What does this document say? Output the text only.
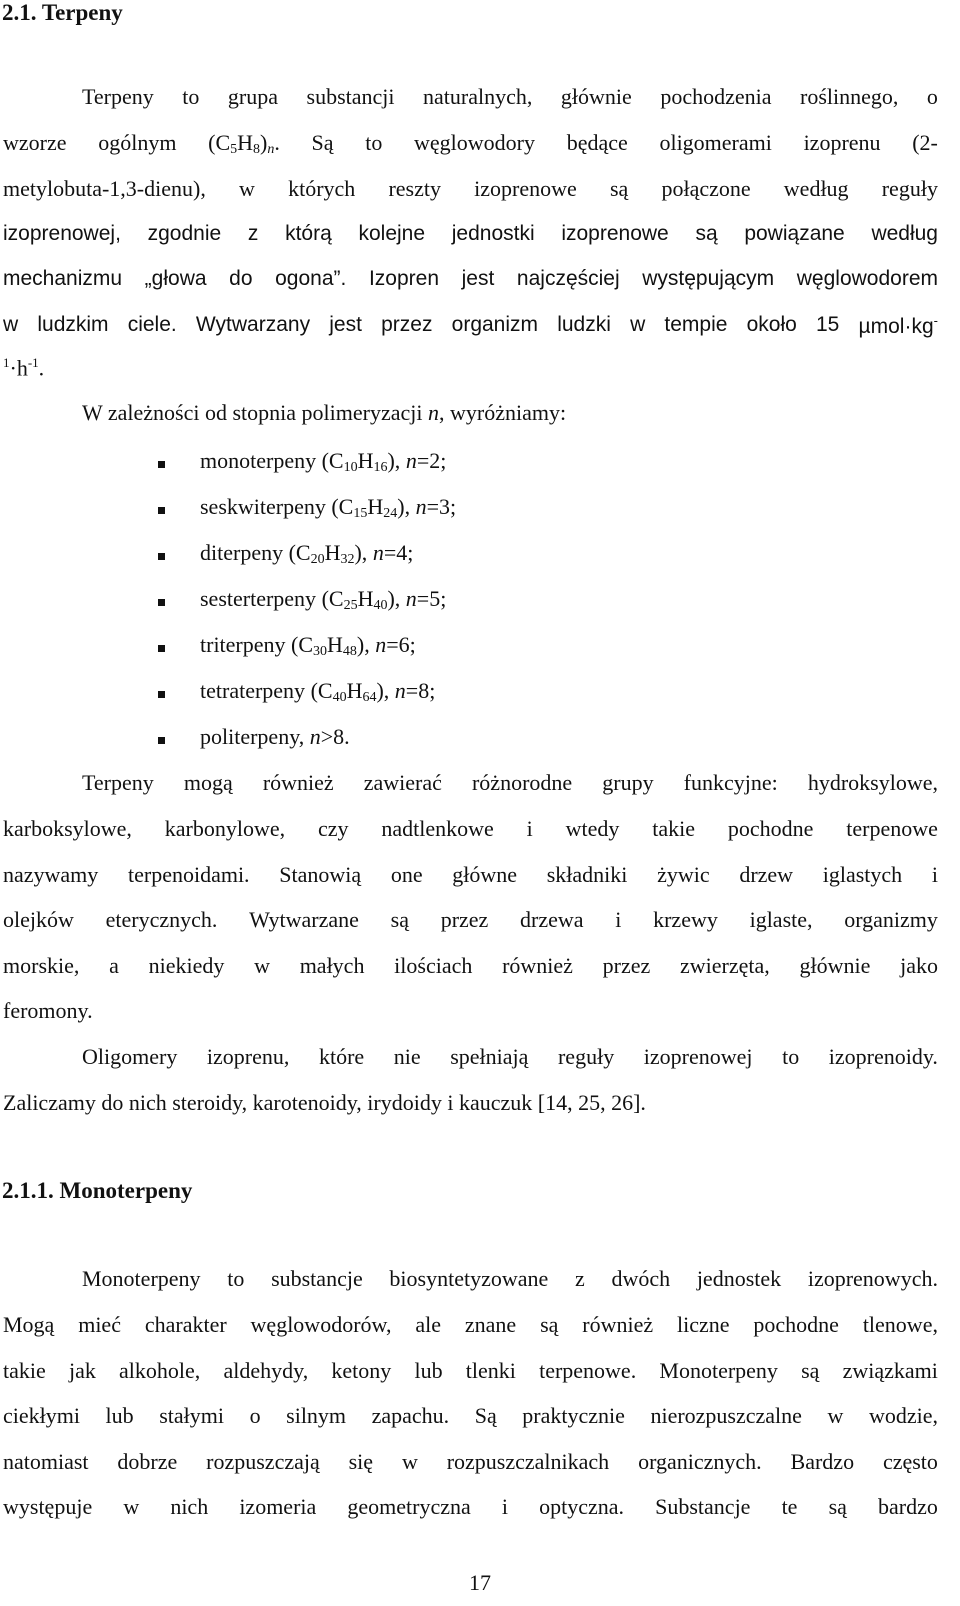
2.1. Terpeny
Terpeny to grupa substancji naturalnych, głównie pochodzenia roślinnego, o
wzorze ogólnym $(C_5H_8)_n$. Są to węglowodory będące oligomerami izoprenu (2-
metylobuta-1,3-dienu), w których reszty izoprenowe są połączone według reguły
izoprenowej, zgodnie z którą kolejne jednostki izoprenowe są powiązane według
mechanizmu „głowa do ogona”. Izopren jest najczęściej występującym węglowodorem
w ludzkim ciele. Wytwarzany jest przez organizm ludzki w tempie około 15 µmol·kg-
$^1\cdot h^{-1}$.
W zależności od stopnia polimeryzacji n, wyróżniamy:
monoterpeny $(C_{10}H_{16})$, n=2;
seskwiterpeny $(C_{15}H_{24})$, n=3;
diterpeny $(C_{20}H_{32})$, n=4;
sesterterpeny $(C_{25}H_{40})$, n=5;
triterpeny $(C_{30}H_{48})$, n=6;
tetraterpeny $(C_{40}H_{64})$, n=8;
politerpeny, n>8.
Terpeny mogą również zawierać różnorodne grupy funkcyjne: hydroksylowe,
karboksylowe, karbonylowe, czy nadtlenkowe i wtedy takie pochodne terpenowe
nazywamy terpenoidami. Stanowią one główne składniki żywic drzew iglastych i
olejków eterycznych. Wytwarzane są przez drzewa i krzewy iglaste, organizmy
morskie, a niekiedy w małych ilościach również przez zwierzęta, głównie jako
feromony.
Oligomery izoprenu, które nie spełniają reguły izoprenowej to izoprenoidy.
Zaliczamy do nich steroidy, karotenoidy, irydoidy i kauczuk [14, 25, 26].
2.1.1. Monoterpeny
Monoterpeny to substancje biosyntetyzowane z dwóch jednostek izoprenowych.
Mogą mieć charakter węglowodorów, ale znane są również liczne pochodne tlenowe,
takie jak alkohole, aldehydy, ketony lub tlenki terpenowe. Monoterpeny są związkami
ciekłymi lub stałymi o silnym zapachu. Są praktycznie nierozpuszczalne w wodzie,
natomiast dobrze rozpuszczają się w rozpuszczalnikach organicznych. Bardzo często
występuje w nich izomeria geometryczna i optyczna. Substancje te są bardzo
17
